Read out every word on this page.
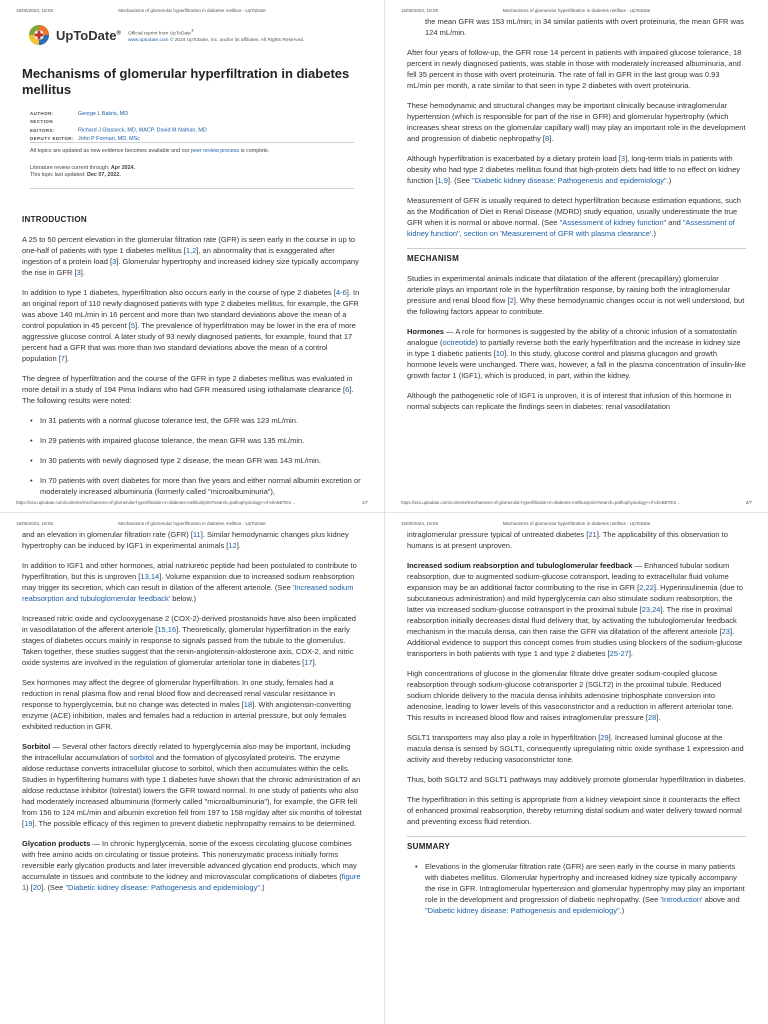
15/05/2024, 18:05	Mechanisms of glomerular hyperfiltration in diabetes mellitus - UpToDate
UpToDate® Official reprint from UpToDate®
www.uptodate.com © 2024 UpToDate, Inc. and/or its affiliates. All Rights Reserved.
Mechanisms of glomerular hyperfiltration in diabetes mellitus
AUTHOR:	George L Bakris, MD
SECTION EDITORS:	Richard J Glassock, MD, MACP, David M Nathan, MD
DEPUTY EDITOR: John P Forman, MD, MSc
All topics are updated as new evidence becomes available and our peer review process is complete.
Literature review current through: Apr 2024.
This topic last updated: Dec 07, 2022.
INTRODUCTION

A 25 to 50 percent elevation in the glomerular filtration rate (GFR) is seen early in the course in up to one-half of patients with type 1 diabetes mellitus [1,2], an abnormality that is exaggerated after ingestion of a protein load [3]. Glomerular hypertrophy and increased kidney size typically accompany the rise in GFR [3].

In addition to type 1 diabetes, hyperfiltration also occurs early in the course of type 2 diabetes [4-6]. In an original report of 110 newly diagnosed patients with type 2 diabetes mellitus, for example, the GFR was above 140 mL/min in 16 percent and more than two standard deviations above the mean of a control population in 45 percent [5]. The prevalence of hyperfiltration may be lower in the era of more aggressive glucose control. A later study of 93 newly diagnosed patients, for example, found that 17 percent had a GFR that was more than two standard deviations above the mean of a control population [7].

The degree of hyperfiltration and the course of the GFR in type 2 diabetes mellitus was evaluated in more detail in a study of 194 Pima Indians who had GFR measured using iothalamate clearance [6]. The following results were noted:

• In 31 patients with a normal glucose tolerance test, the GFR was 123 mL/min.
• In 29 patients with impaired glucose tolerance, the mean GFR was 135 mL/min.
• In 30 patients with newly diagnosed type 2 disease, the mean GFR was 143 mL/min.
• In 70 patients with overt diabetes for more than five years and either normal albumin excretion or moderately increased albuminuria (formerly called "microalbuminuria"),
https://sso.uptodate.com/contents/mechanisms-of-glomerular-hyperfiltration-in-diabetes-mellitus/print?search=pathophysiology+of+diABETES…	1/7
15/05/2024, 18:05	Mechanisms of glomerular hyperfiltration in diabetes mellitus - UpToDate

the mean GFR was 153 mL/min; in 34 similar patients with overt proteinuria, the mean GFR was 124 mL/min.

After four years of follow-up, the GFR rose 14 percent in patients with impaired glucose tolerance, 18 percent in newly diagnosed patients, was stable in those with moderately increased albuminuria, and fell 35 percent in those with overt proteinuria. The rate of fall in GFR in the last group was 0.93 mL/min per month, a rate similar to that seen in type 2 diabetes with overt proteinuria.

These hemodynamic and structural changes may be important clinically because intraglomerular hypertension (which is responsible for part of the rise in GFR) and glomerular hypertrophy (which increases shear stress on the glomerular capillary wall) may play an important role in the development and progression of diabetic nephropathy [8].

Although hyperfiltration is exacerbated by a dietary protein load [3], long-term trials in patients with obesity who had type 2 diabetes mellitus found that high-protein diets had little to no effect on kidney function [1,9]. (See "Diabetic kidney disease: Pathogenesis and epidemiology".)

Measurement of GFR is usually required to detect hyperfiltration because estimation equations, such as the Modification of Diet in Renal Disease (MDRD) study equation, usually underestimate the true GFR when it is normal or above normal. (See "Assessment of kidney function" and "Assessment of kidney function", section on 'Measurement of GFR with plasma clearance'.)

MECHANISM

Studies in experimental animals indicate that dilatation of the afferent (precapillary) glomerular arteriole plays an important role in the hyperfiltration response, by raising both the intraglomerular pressure and renal blood flow [2]. Why these hemodynamic changes occur is not well understood, but the following factors appear to contribute.

Hormones — A role for hormones is suggested by the ability of a chronic infusion of a somatostatin analogue (octreotide) to partially reverse both the early hyperfiltration and the increase in kidney size in type 1 diabetic patients [10]. In this study, glucose control and plasma glucagon and growth hormone levels were unchanged. There was, however, a fall in the plasma concentration of insulin-like growth factor 1 (IGF1), which is produced, in part, within the kidney.

Although the pathogenetic role of IGF1 is unproven, it is of interest that infusion of this hormone in normal subjects can replicate the findings seen in diabetes: renal vasodilatation

https://sso.uptodate.com/contents/mechanisms-of-glomerular-hyperfiltration-in-diabetes-mellitus/print?search=pathophysiology+of+diABETES…	2/7
15/05/2024, 18:05	Mechanisms of glomerular hyperfiltration in diabetes mellitus - UpToDate

and an elevation in glomerular filtration rate (GFR) [11]. Similar hemodynamic changes plus kidney hypertrophy can be induced by IGF1 in experimental animals [12].

In addition to IGF1 and other hormones, atrial natriuretic peptide had been postulated to contribute to hyperfiltration, but this is unproven [13,14]. Volume expansion due to increased sodium reabsorption may trigger its secretion, which can result in dilation of the afferent arteriole. (See 'Increased sodium reabsorption and tubuloglomerular feedback' below.)

Increased nitric oxide and cyclooxygenase 2 (COX-2)-derived prostanoids have also been implicated in vasodilatation of the afferent arteriole [15,16]. Theoretically, glomerular hyperfiltration in the early stages of diabetes occurs mainly in response to signals passed from the tubule to the glomerulus. Taken together, these studies suggest that the renin-angiotensin-aldosterone axis, COX-2, and nitric oxide systems are involved in the regulation of glomerular arteriolar tone in diabetes [17].

Sex hormones may affect the degree of glomerular hyperfiltration. In one study, females had a reduction in renal plasma flow and renal blood flow and decreased renal vascular resistance in response to hyperglycemia, but no change was detected in males [18]. With angiotensin-converting enzyme (ACE) inhibition, males and females had a reduction in arterial pressure, but only females exhibited reduction in GFR.

Sorbitol — Several other factors directly related to hyperglycemia also may be important, including the intracellular accumulation of sorbitol and the formation of glycosylated proteins. The enzyme aldose reductase converts intracellular glucose to sorbitol, which then accumulates within the cells. Studies in hyperfiltering humans with type 1 diabetes have shown that the chronic administration of an aldose reductase inhibitor (tolrestat) lowers the GFR toward normal. In one study of patients who also had moderately increased albuminuria (formerly called "microalbuminuria"), for example, the GFR fell from 156 to 124 mL/min and albumin excretion fell from 197 to 158 mg/day after six months of tolrestat [19]. The possible efficacy of this regimen to prevent diabetic nephropathy remains to be determined.

Glycation products — In chronic hyperglycemia, some of the excess circulating glucose combines with free amino acids on circulating or tissue proteins. This nonenzymatic process initially forms reversible early glycation products and later irreversible advanced glycation end products, which may accumulate in tissues and contribute to the kidney and microvascular complications of diabetes (figure 1) [20]. (See "Diabetic kidney disease: Pathogenesis and epidemiology".)

15/05/2024, 18:05	Mechanisms of glomerular hyperfiltration in diabetes mellitus - UpToDate

intraglomerular pressure typical of untreated diabetes [21]. The applicability of this observation to humans is at present unproven.

Increased sodium reabsorption and tubuloglomerular feedback — Enhanced tubular sodium reabsorption, due to augmented sodium-glucose cotransport, leading to extracellular fluid volume expansion may be an additional factor contributing to the rise in GFR [2,22]. Hyperinsulinemia (due to subcutaneous administration) and mild hyperglycemia can also stimulate sodium reabsorption, the latter via increased sodium-glucose cotransport in the proximal tubule [23,24]. The rise in proximal reabsorption initially decreases distal fluid delivery that, by activating the tubuloglomerular feedback mechanism in the macula densa, can then raise the GFR via dilatation of the afferent arteriole [23]. Additional evidence to support this concept comes from studies using blockers of the sodium-glucose transporters in both patients with type 1 and type 2 diabetes [25-27].

High concentrations of glucose in the glomerular filtrate drive greater sodium-coupled glucose reabsorption through sodium-glucose cotransporter 2 (SGLT2) in the proximal tubule. Reduced sodium chloride delivery to the macula densa inhibits adenosine triphosphate conversion into adenosine, leading to lower levels of this vasoconstrictor and a reduction in afferent arteriolar tone. This results in increased blood flow and raises intraglomerular pressure [28].

SGLT1 transporters may also play a role in hyperfiltration [29]. Increased luminal glucose at the macula densa is sensed by SGLT1, consequently upregulating nitric oxide synthase 1 expression and activity and thereby reducing vasoconstrictor tone.

Thus, both SGLT2 and SGLT1 pathways may additively promote glomerular hyperfiltration in diabetes.

The hyperfiltration in this setting is appropriate from a kidney viewpoint since it counteracts the effect of enhanced proximal reabsorption, thereby returning distal sodium and water delivery toward normal and preventing excess fluid retention.

SUMMARY
• Elevations in the glomerular filtration rate (GFR) are seen early in the course in many patients with diabetes mellitus. Glomerular hypertrophy and increased kidney size typically accompany the rise in GFR. Intraglomerular hypertension and glomerular hypertrophy may play an important role in the development and progression of diabetic nephropathy. (See 'Introduction' above and "Diabetic kidney disease: Pathogenesis and epidemiology".)
